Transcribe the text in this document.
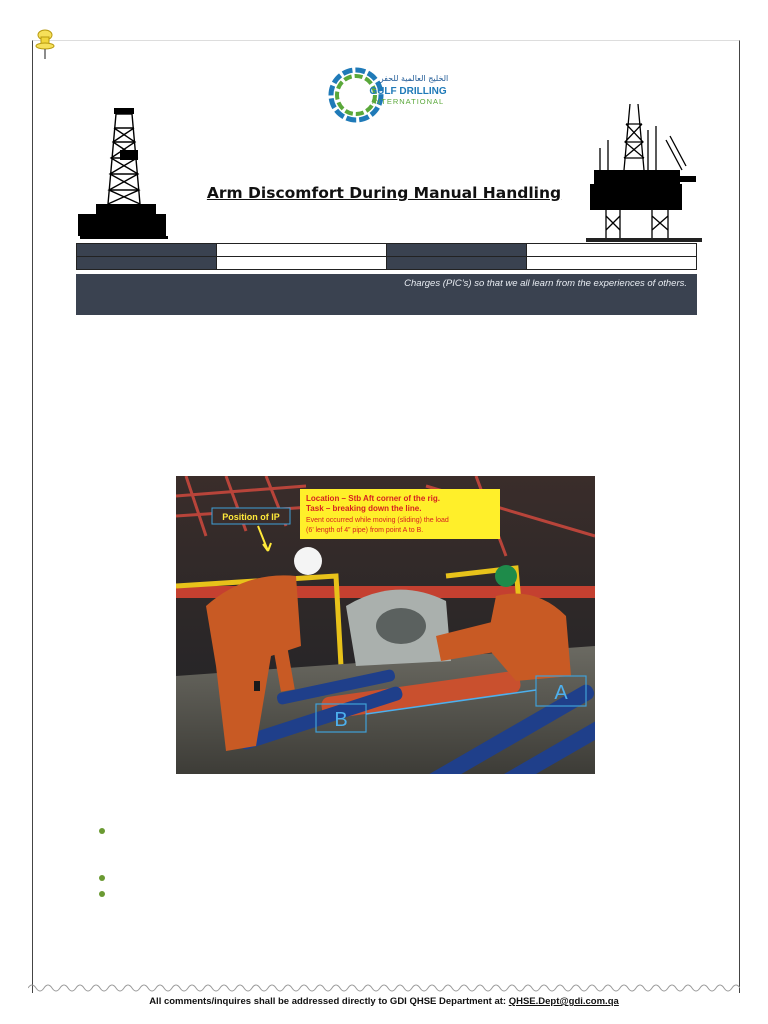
الخليج العالمية للحفر
GULF DRILLING
INTERNATIONAL
Arm Discomfort During Manual Handling

Charges (PIC’s) so that we all learn from the experiences of others.
Location – Stb Aft corner of the rig.
Task – breaking down the line.
Event occurred while moving (sliding) the load
(6’ length of 4” pipe) from point A to B.
Position of IP
A
B
All comments/inquires shall be addressed directly to GDI QHSE Department at: QHSE.Dept@gdi.com.qa
